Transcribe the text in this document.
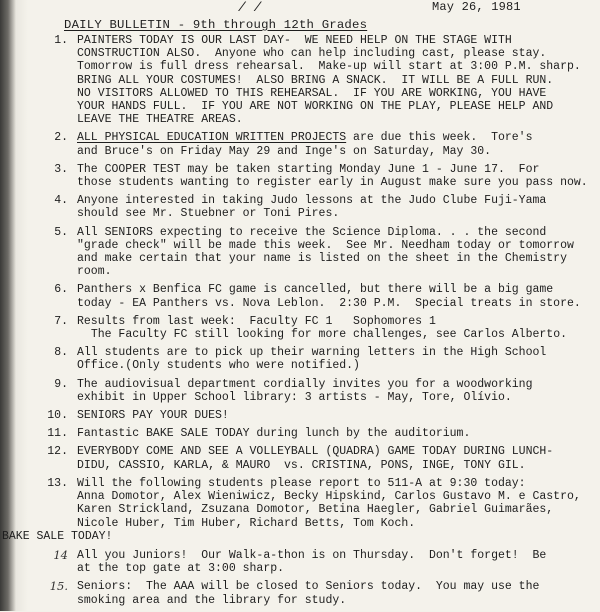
/ /	May 26, 1981
DAILY BULLETIN - 9th through 12th Grades
1. PAINTERS TODAY IS OUR LAST DAY-  WE NEED HELP ON THE STAGE WITH
CONSTRUCTION ALSO.  Anyone who can help including cast, please stay.
Tomorrow is full dress rehearsal.  Make-up will start at 3:00 P.M. sharp.
BRING ALL YOUR COSTUMES!  ALSO BRING A SNACK.  IT WILL BE A FULL RUN.
NO VISITORS ALLOWED TO THIS REHEARSAL.  IF YOU ARE WORKING, YOU HAVE
YOUR HANDS FULL.  IF YOU ARE NOT WORKING ON THE PLAY, PLEASE HELP AND
LEAVE THE THEATRE AREAS.
2. ALL PHYSICAL EDUCATION WRITTEN PROJECTS are due this week.  Tore's
and Bruce's on Friday May 29 and Inge's on Saturday, May 30.
3. The COOPER TEST may be taken starting Monday June 1 - June 17.  For
those students wanting to register early in August make sure you pass now.
4. Anyone interested in taking Judo lessons at the Judo Clube Fuji-Yama
should see Mr. Stuebner or Toni Pires.
5. All SENIORS expecting to receive the Science Diploma. . . the second
"grade check" will be made this week.  See Mr. Needham today or tomorrow
and make certain that your name is listed on the sheet in the Chemistry
room.
6. Panthers x Benfica FC game is cancelled, but there will be a big game
today - EA Panthers vs. Nova Leblon.  2:30 P.M.  Special treats in store.
7. Results from last week:  Faculty FC 1   Sophomores 1
The Faculty FC still looking for more challenges, see Carlos Alberto.
8. All students are to pick up their warning letters in the High School
Office.(Only students who were notified.)
9. The audiovisual department cordially invites you for a woodworking
exhibit in Upper School library: 3 artists - May, Tore, Olívio.
10. SENIORS PAY YOUR DUES!
11. Fantastic BAKE SALE TODAY during lunch by the auditorium.
12. EVERYBODY COME AND SEE A VOLLEYBALL (QUADRA) GAME TODAY DURING LUNCH-
DIDU, CASSIO, KARLA, & MAURO  vs. CRISTINA, PONS, INGE, TONY GIL.
13. Will the following students please report to 511-A at 9:30 today:
Anna Domotor, Alex Wieniwicz, Becky Hipskind, Carlos Gustavo M. e Castro,
Karen Strickland, Zsuzana Domotor, Betina Haegler, Gabriel Guimarães,
Nicole Huber, Tim Huber, Richard Betts, Tom Koch.
BAKE SALE TODAY!
14 All you Juniors!  Our Walk-a-thon is on Thursday.  Don't forget!  Be
at the top gate at 3:00 sharp.
15. Seniors:  The AAA will be closed to Seniors today.  You may use the
smoking area and the library for study.
